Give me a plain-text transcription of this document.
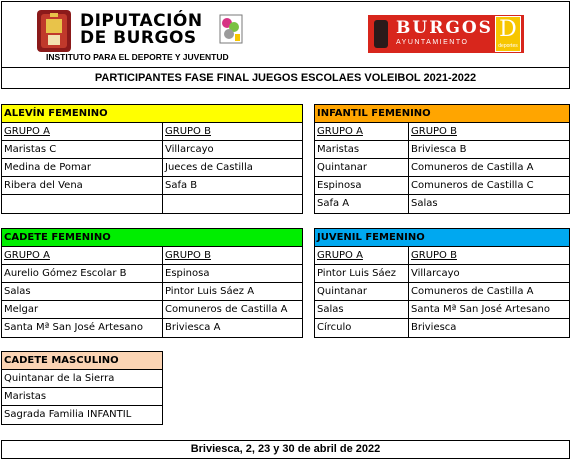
DIPUTACIÓN
DE BURGOS
INSTITUTO PARA EL DEPORTE Y JUVENTUD
BURGOS
AYUNTAMIENTO
D
deportes
PARTICIPANTES FASE FINAL JUEGOS ESCOLAES VOLEIBOL 2021-2022
ALEVÍN FEMENINO
GRUPO A	GRUPO B
Maristas C	Villarcayo
Medina de Pomar	Jueces de Castilla
Ribera del Vena	Safa B
INFANTIL FEMENINO
GRUPO A	GRUPO B
Maristas	Briviesca B
Quintanar	Comuneros de Castilla A
Espinosa	Comuneros de Castilla C
Safa A	Salas
CADETE FEMENINO
GRUPO A	GRUPO B
Aurelio Gómez Escolar B	Espinosa
Salas	Pintor Luis Sáez A
Melgar	Comuneros de Castilla A
Santa Mª San José Artesano	Briviesca A
JUVENIL FEMENINO
GRUPO A	GRUPO B
Pintor Luis Sáez	Villarcayo
Quintanar	Comuneros de Castilla A
Salas	Santa Mª San José Artesano
Círculo	Briviesca
CADETE MASCULINO
Quintanar de la Sierra
Maristas
Sagrada Familia INFANTIL
Briviesca, 2, 23 y 30 de abril de 2022
